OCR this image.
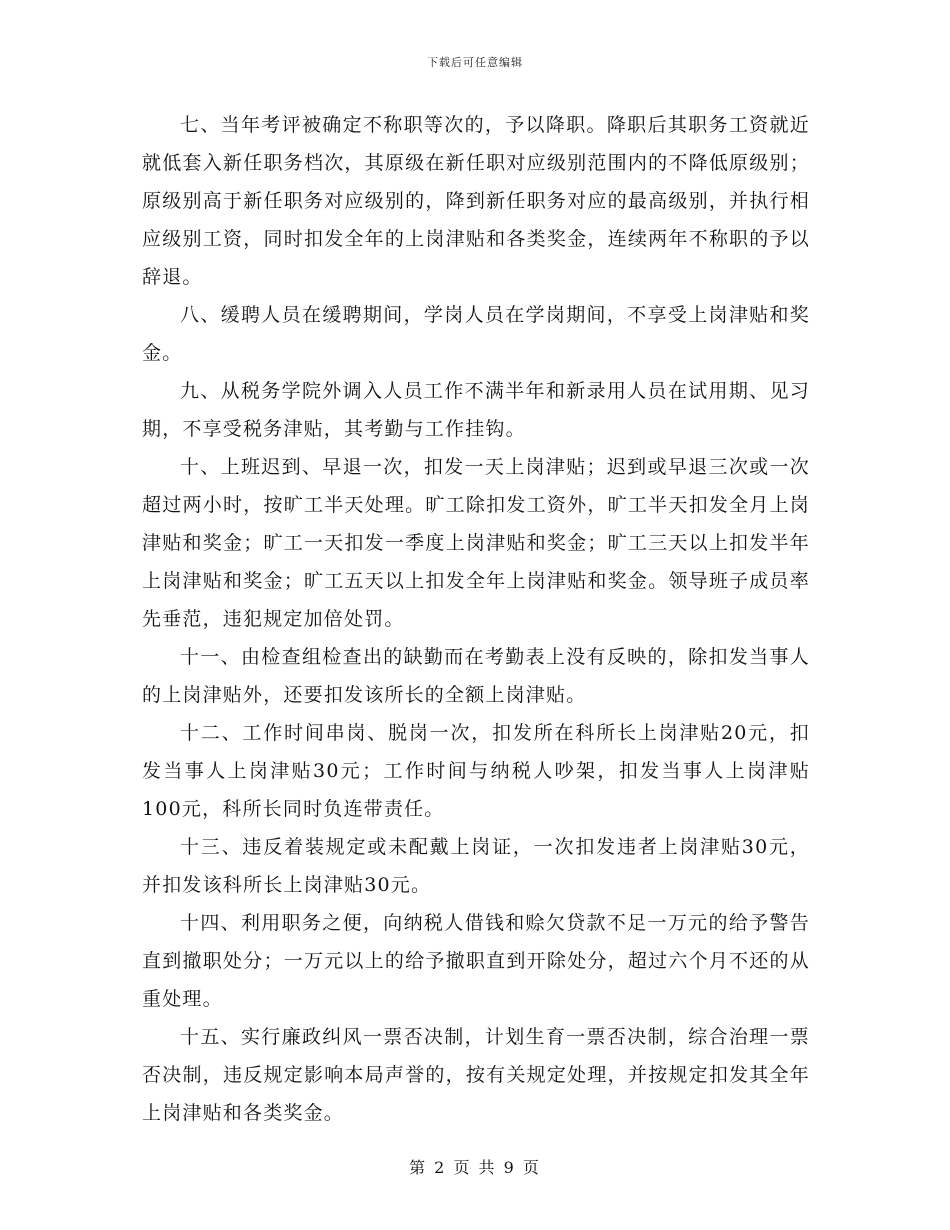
下载后可任意编辑

七、当年考评被确定不称职等次的，予以降职。降职后其职务工资就近就低套入新任职务档次，其原级在新任职对应级别范围内的不降低原级别；原级别高于新任职务对应级别的，降到新任职务对应的最高级别，并执行相应级别工资，同时扣发全年的上岗津贴和各类奖金，连续两年不称职的予以辞退。

八、缓聘人员在缓聘期间，学岗人员在学岗期间，不享受上岗津贴和奖金。

九、从税务学院外调入人员工作不满半年和新录用人员在试用期、见习期，不享受税务津贴，其考勤与工作挂钩。

十、上班迟到、早退一次，扣发一天上岗津贴；迟到或早退三次或一次超过两小时，按旷工半天处理。旷工除扣发工资外，旷工半天扣发全月上岗津贴和奖金；旷工一天扣发一季度上岗津贴和奖金；旷工三天以上扣发半年上岗津贴和奖金；旷工五天以上扣发全年上岗津贴和奖金。领导班子成员率先垂范，违犯规定加倍处罚。

十一、由检查组检查出的缺勤而在考勤表上没有反映的，除扣发当事人的上岗津贴外，还要扣发该所长的全额上岗津贴。

十二、工作时间串岗、脱岗一次，扣发所在科所长上岗津贴20元，扣发当事人上岗津贴30元；工作时间与纳税人吵架，扣发当事人上岗津贴100元，科所长同时负连带责任。

十三、违反着装规定或未配戴上岗证，一次扣发违者上岗津贴30元，并扣发该科所长上岗津贴30元。

十四、利用职务之便，向纳税人借钱和赊欠贷款不足一万元的给予警告直到撤职处分；一万元以上的给予撤职直到开除处分，超过六个月不还的从重处理。

十五、实行廉政纠风一票否决制，计划生育一票否决制，综合治理一票否决制，违反规定影响本局声誉的，按有关规定处理，并按规定扣发其全年上岗津贴和各类奖金。

第 2 页 共 9 页
